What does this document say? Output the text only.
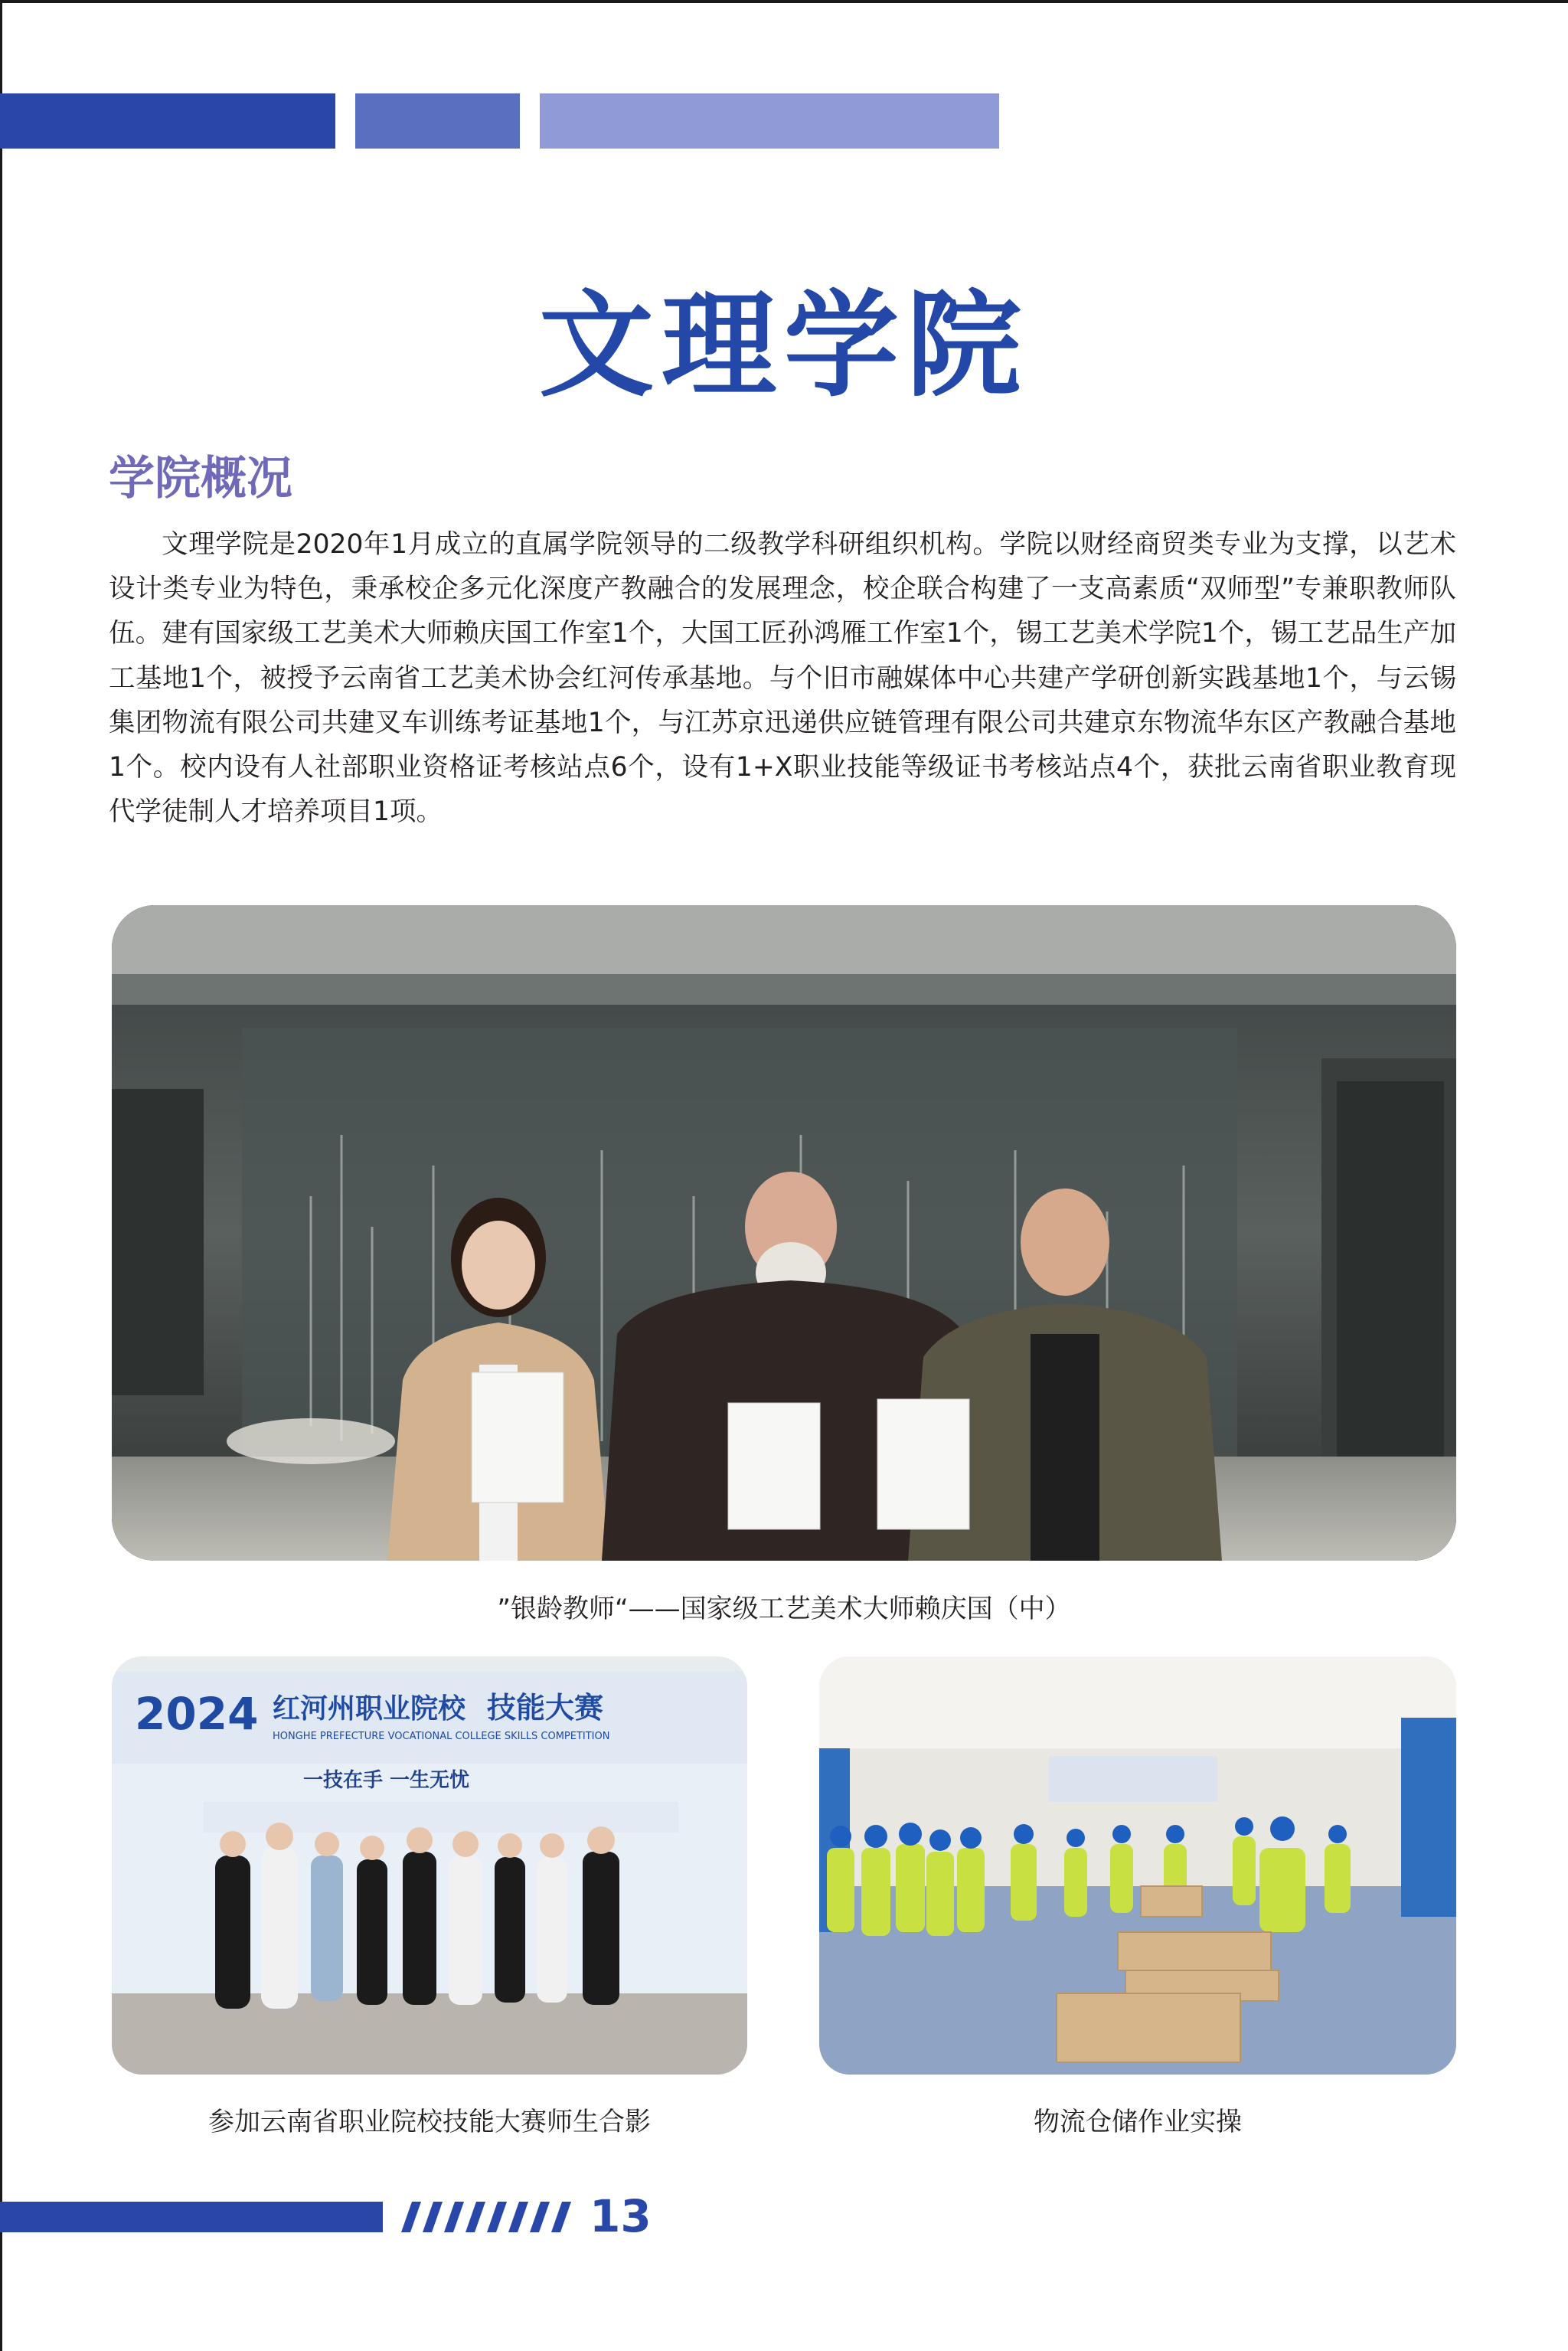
文理学院
学院概况

文理学院是2020年1月成立的直属学院领导的二级教学科研组织机构。学院以财经商贸类专业为支撑，以艺术设计类专业为特色，秉承校企多元化深度产教融合的发展理念，校企联合构建了一支高素质“双师型”专兼职教师队伍。建有国家级工艺美术大师赖庆国工作室1个，大国工匠孙鸿雁工作室1个，锡工艺美术学院1个，锡工艺品生产加工基地1个，被授予云南省工艺美术协会红河传承基地。与个旧市融媒体中心共建产学研创新实践基地1个，与云锡集团物流有限公司共建叉车训练考证基地1个，与江苏京迅递供应链管理有限公司共建京东物流华东区产教融合基地1个。校内设有人社部职业资格证考核站点6个，设有1+X职业技能等级证书考核站点4个，获批云南省职业教育现代学徒制人才培养项目1项。

2024 红河州职业院校 技能大赛
HONGHE PREFECTURE VOCATIONAL COLLEGE SKILLS COMPETITION
一技在手 一生无忧
”银龄教师“——国家级工艺美术大师赖庆国（中）
参加云南省职业院校技能大赛师生合影	物流仓储作业实操
13
